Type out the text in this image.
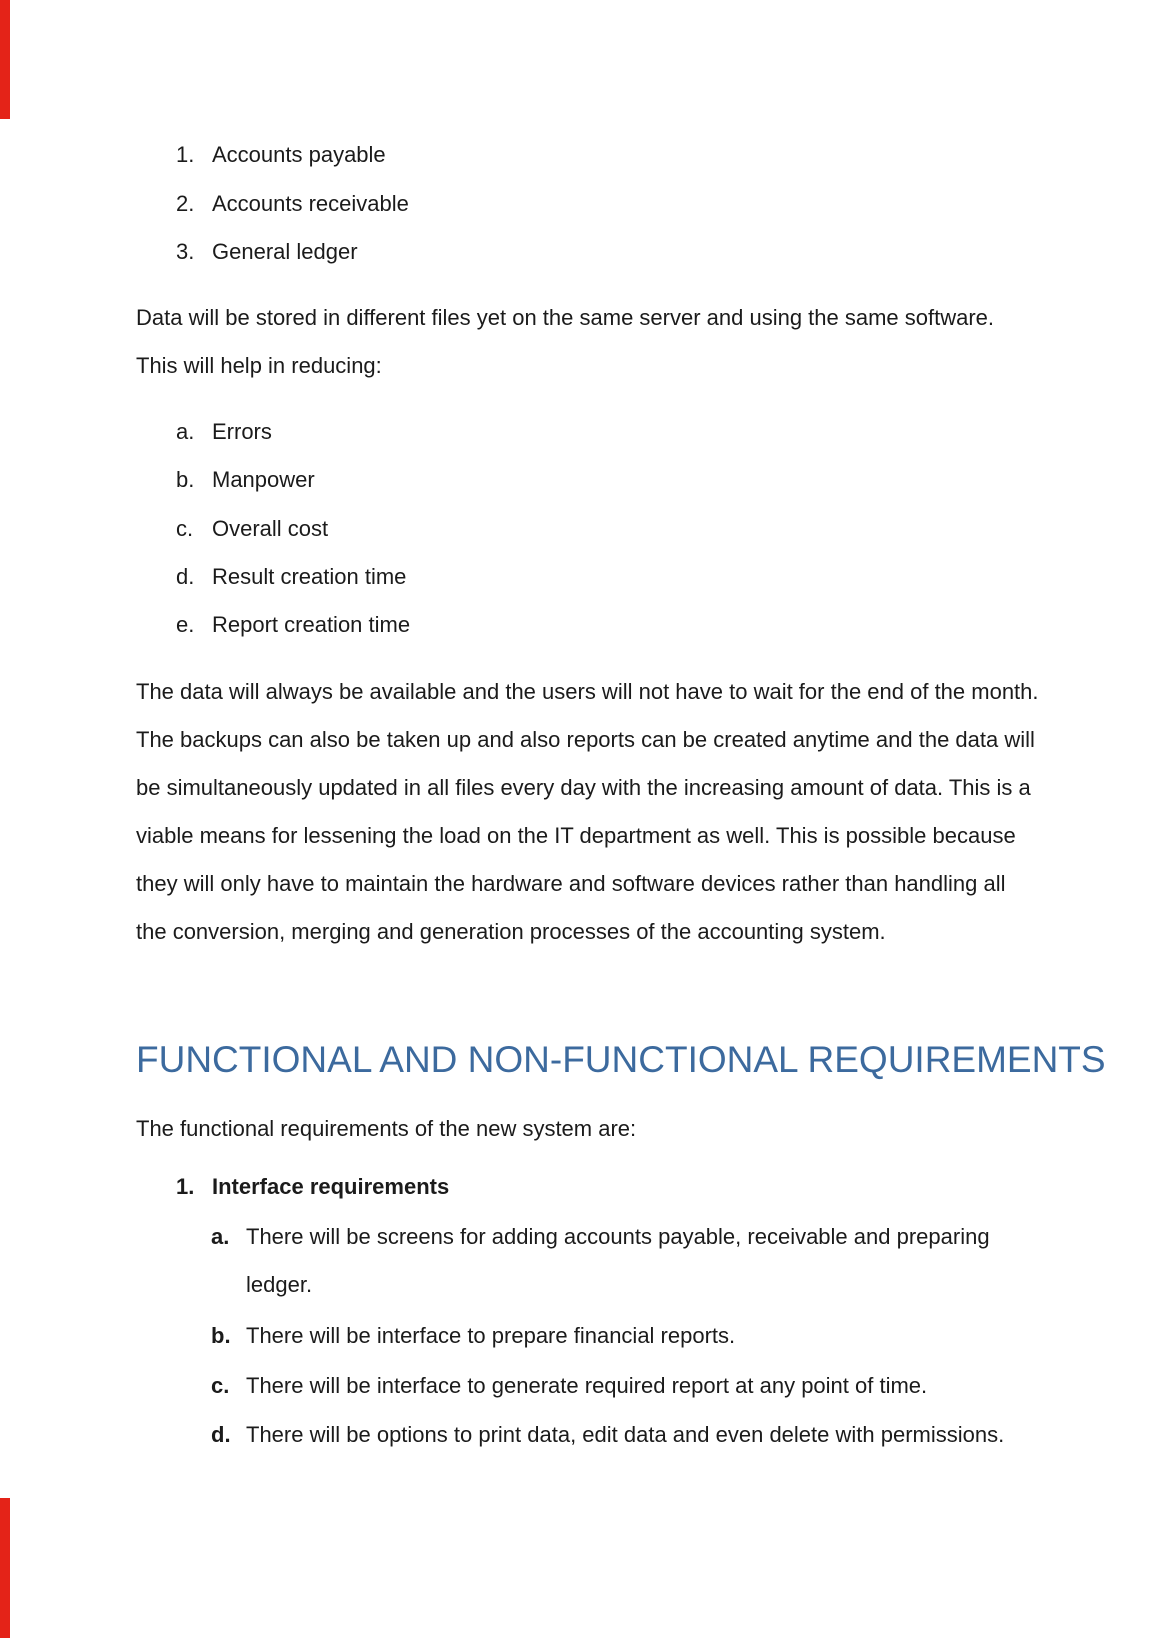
1. Accounts payable
2. Accounts receivable
3. General ledger
Data will be stored in different files yet on the same server and using the same software.
This will help in reducing:
a. Errors
b. Manpower
c. Overall cost
d. Result creation time
e. Report creation time
The data will always be available and the users will not have to wait for the end of the month.
The backups can also be taken up and also reports can be created anytime and the data will
be simultaneously updated in all files every day with the increasing amount of data. This is a
viable means for lessening the load on the IT department as well. This is possible because
they will only have to maintain the hardware and software devices rather than handling all
the conversion, merging and generation processes of the accounting system.
FUNCTIONAL AND NON-FUNCTIONAL REQUIREMENTS
The functional requirements of the new system are:
1. Interface requirements
a. There will be screens for adding accounts payable, receivable and preparing
ledger.
b. There will be interface to prepare financial reports.
c. There will be interface to generate required report at any point of time.
d. There will be options to print data, edit data and even delete with permissions.
